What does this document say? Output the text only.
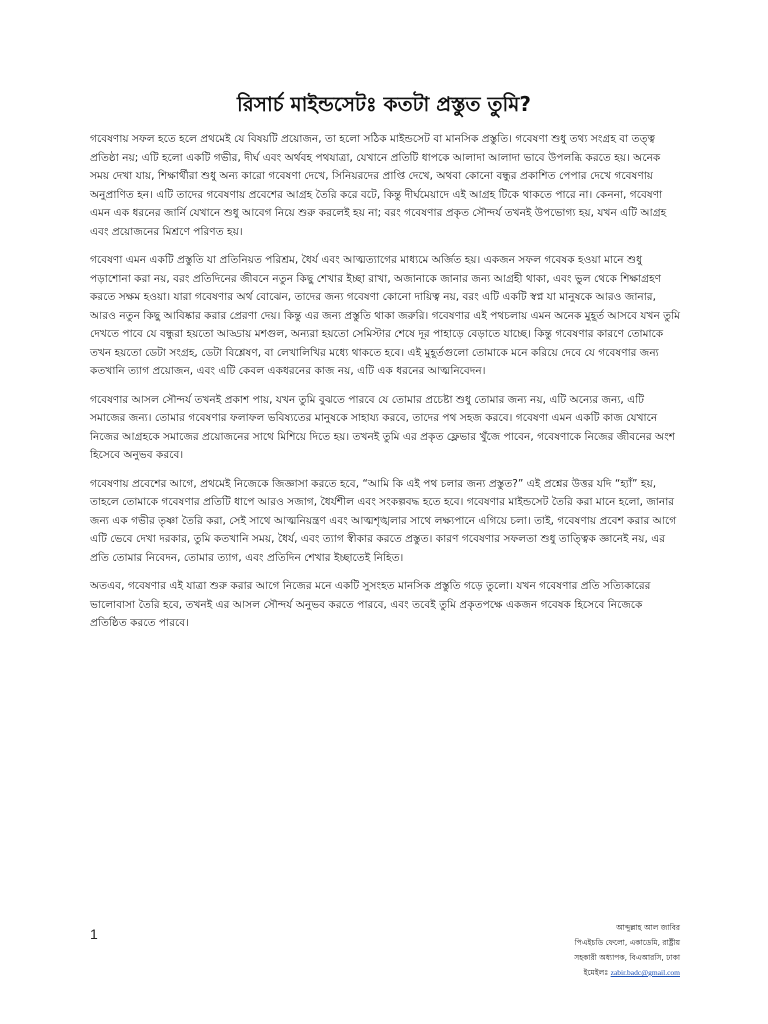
রিসার্চ মাইন্ডসেটঃ কতটা প্রস্তুত তুমি?

গবেষণায় সফল হতে হলে প্রথমেই যে বিষয়টি প্রয়োজন, তা হলো সঠিক মাইন্ডসেট বা মানসিক প্রস্তুতি। গবেষণা শুধু তথ্য সংগ্রহ বা তত্ত্ব প্রতিষ্ঠা নয়; এটি হলো একটি গভীর, দীর্ঘ এবং অর্থবহ পথযাত্রা, যেখানে প্রতিটি ধাপকে আলাদা আলাদা ভাবে উপলব্ধি করতে হয়। অনেক সময় দেখা যায়, শিক্ষার্থীরা শুধু অন্য কারো গবেষণা দেখে, সিনিয়রদের প্রাপ্তি দেখে, অথবা কোনো বন্ধুর প্রকাশিত পেপার দেখে গবেষণায় অনুপ্রাণিত হন। এটি তাদের গবেষণায় প্রবেশের আগ্রহ তৈরি করে বটে, কিন্তু দীর্ঘমেয়াদে এই আগ্রহ টিকে থাকতে পারে না। কেননা, গবেষণা এমন এক ধরনের জার্নি যেখানে শুধু আবেগ নিয়ে শুরু করলেই হয় না; বরং গবেষণার প্রকৃত সৌন্দর্য তখনই উপভোগ্য হয়, যখন এটি আগ্রহ এবং প্রয়োজনের মিশ্রণে পরিণত হয়।

গবেষণা এমন একটি প্রস্তুতি যা প্রতিনিয়ত পরিশ্রম, ধৈর্য এবং আত্মত্যাগের মাধ্যমে অর্জিত হয়। একজন সফল গবেষক হওয়া মানে শুধু পড়াশোনা করা নয়, বরং প্রতিদিনের জীবনে নতুন কিছু শেখার ইচ্ছা রাখা, অজানাকে জানার জন্য আগ্রহী থাকা, এবং ভুল থেকে শিক্ষাগ্রহণ করতে সক্ষম হওয়া। যারা গবেষণার অর্থ বোঝেন, তাদের জন্য গবেষণা কোনো দায়িত্ব নয়, বরং এটি একটি স্বপ্ন যা মানুষকে আরও জানার, আরও নতুন কিছু আবিষ্কার করার প্রেরণা দেয়। কিন্তু এর জন্য প্রস্তুতি থাকা জরুরি। গবেষণার এই পথচলায় এমন অনেক মুহূর্ত আসবে যখন তুমি দেখতে পাবে যে বন্ধুরা হয়তো আড্ডায় মশগুল, অন্যরা হয়তো সেমিস্টার শেষে দূর পাহাড়ে বেড়াতে যাচ্ছে। কিন্তু গবেষণার কারণে তোমাকে তখন হয়তো ডেটা সংগ্রহ, ডেটা বিশ্লেষণ, বা লেখালিখির মধ্যে থাকতে হবে। এই মুহূর্তগুলো তোমাকে মনে করিয়ে দেবে যে গবেষণার জন্য কতখানি ত্যাগ প্রয়োজন, এবং এটি কেবল একধরনের কাজ নয়, এটি এক ধরনের আত্মনিবেদন।

গবেষণার আসল সৌন্দর্য তখনই প্রকাশ পায়, যখন তুমি বুঝতে পারবে যে তোমার প্রচেষ্টা শুধু তোমার জন্য নয়, এটি অন্যের জন্য, এটি সমাজের জন্য। তোমার গবেষণার ফলাফল ভবিষ্যতের মানুষকে সাহায্য করবে, তাদের পথ সহজ করবে। গবেষণা এমন একটি কাজ যেখানে নিজের আগ্রহকে সমাজের প্রয়োজনের সাথে মিশিয়ে দিতে হয়। তখনই তুমি এর প্রকৃত ফ্লেভার খুঁজে পাবেন, গবেষণাকে নিজের জীবনের অংশ হিসেবে অনুভব করবে।

গবেষণায় প্রবেশের আগে, প্রথমেই নিজেকে জিজ্ঞাসা করতে হবে, “আমি কি এই পথ চলার জন্য প্রস্তুত?” এই প্রশ্নের উত্তর যদি “হ্যাঁ” হয়, তাহলে তোমাকে গবেষণার প্রতিটি ধাপে আরও সজাগ, ধৈর্যশীল এবং সংকল্পবদ্ধ হতে হবে। গবেষণার মাইন্ডসেট তৈরি করা মানে হলো, জানার জন্য এক গভীর তৃষ্ণা তৈরি করা, সেই সাথে আত্মনিয়ন্ত্রণ এবং আত্মশৃঙ্খলার সাথে লক্ষ্যপানে এগিয়ে চলা। তাই, গবেষণায় প্রবেশ করার আগে এটি ভেবে দেখা দরকার, তুমি কতখানি সময়, ধৈর্য, এবং ত্যাগ স্বীকার করতে প্রস্তুত। কারণ গবেষণার সফলতা শুধু তাত্ত্বিক জ্ঞানেই নয়, এর প্রতি তোমার নিবেদন, তোমার ত্যাগ, এবং প্রতিদিন শেখার ইচ্ছাতেই নিহিত।

অতএব, গবেষণার এই যাত্রা শুরু করার আগে নিজের মনে একটি সুসংহত মানসিক প্রস্তুতি গড়ে তুলো। যখন গবেষণার প্রতি সত্যিকারের ভালোবাসা তৈরি হবে, তখনই এর আসল সৌন্দর্য অনুভব করতে পারবে, এবং তবেই তুমি প্রকৃতপক্ষে একজন গবেষক হিসেবে নিজেকে প্রতিষ্ঠিত করতে পারবে।

1	আব্দুল্লাহ আল জাবির
পিএইচডি ফেলো, একাডেমি, রাষ্ট্রীয়
সহকারী অধ্যাপক, বিএআরসি, ঢাকা
ইমেইলঃ zabir.badc@gmail.com
